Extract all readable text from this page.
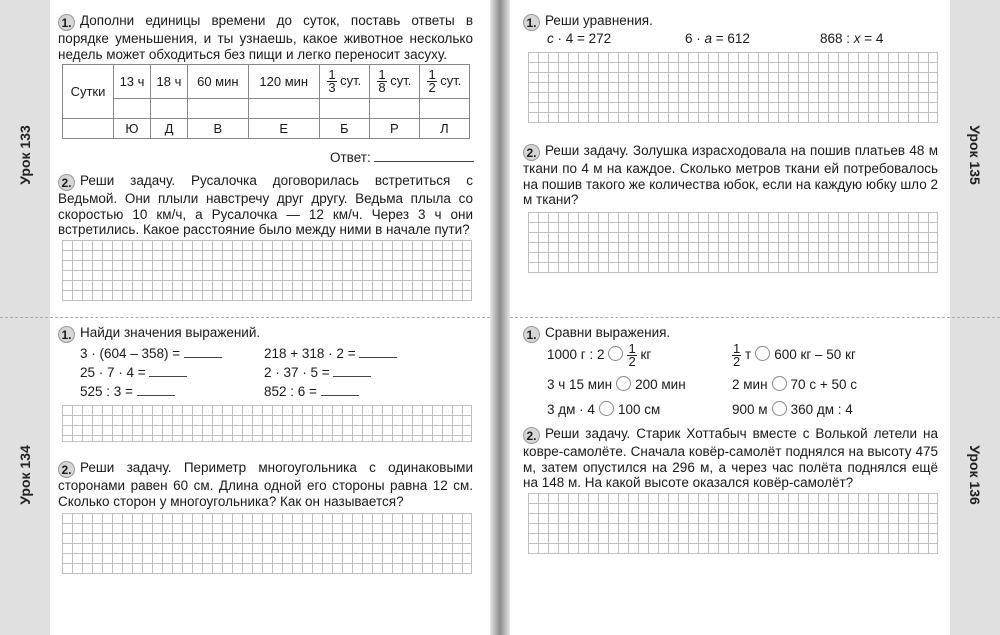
Урок 133
Урок 134
1. Дополни единицы времени до суток, поставь ответы в порядке уменьшения, и ты узнаешь, какое животное несколько недель может обходиться без пищи и легко переносит засуху.
Сутки	13 ч	18 ч	60 мин	120 мин	$\frac{1}{3}$ сут.	$\frac{1}{8}$ сут.	$\frac{1}{2}$ сут.

	Ю	Д	В	Е	Б	Р	Л
Ответ:
2. Реши задачу. Русалочка договорилась встретиться с Ведьмой. Они плыли навстречу друг другу. Ведьма плыла со скоростью 10 км/ч, а Русалочка — 12 км/ч. Через 3 ч они встретились. Какое расстояние было между ними в начале пути?
1. Найди значения выражений.
3 · (604 – 358) =	218 + 318 · 2 =
25 · 7 · 4 =	2 · 37 · 5 =
525 : 3 =	852 : 6 =
2. Реши задачу. Периметр многоугольника с одинаковыми сторонами равен 60 см. Длина одной его стороны равна 12 см. Сколько сторон у многоугольника? Как он называется?
Урок 135
Урок 136
1. Реши уравнения.
c · 4 = 272	6 · a = 612	868 : x = 4
2. Реши задачу. Золушка израсходовала на пошив платьев 48 м ткани по 4 м на каждое. Сколько метров ткани ей потребовалось на пошив такого же количества юбок, если на каждую юбку шло 2 м ткани?
1. Сравни выражения.
1000 г : $2 \frac{1}{2}$ кг	$\frac{1}{2}$ т 600 кг – 50 кг
3 ч 15 мин 200 мин	2 мин 70 с + 50 с
3 дм · 4 100 см	900 м 360 дм : 4
2. Реши задачу. Старик Хоттабыч вместе с Волькой летели на ковре-самолёте. Сначала ковёр-самолёт поднялся на высоту 475 м, затем опустился на 296 м, а через час полёта поднялся ещё на 148 м. На какой высоте оказался ковёр-самолёт?
